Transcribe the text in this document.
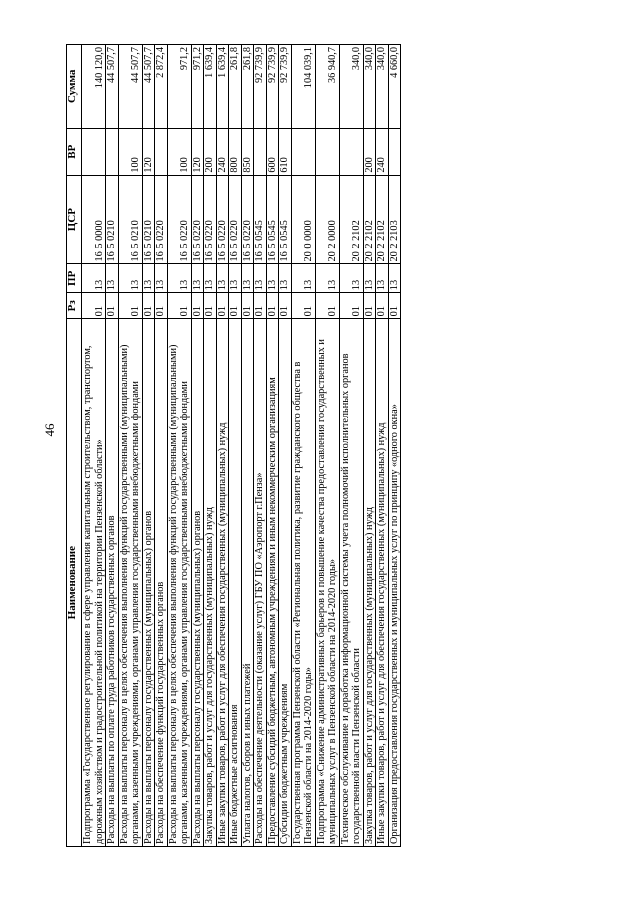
46
Наименование	Рз	ПР	ЦСР	ВР	Сумма
Подпрограмма «Государственное регулирование в сфере управления капитальным строительством, транспортом, дорожным хозяйством и градостроительной политикой на территории Пензенской области»	01	13	16 5 0000		140 120,0
Расходы на выплаты по оплате труда работников государственных органов	01	13	16 5 0210		44 507,7
Расходы на выплаты персоналу в целях обеспечения выполнения функций государственными (муниципальными) органами, казенными учреждениями, органами управления государственными внебюджетными фондами	01	13	16 5 0210	100	44 507,7
Расходы на выплаты персоналу государственных (муниципальных) органов	01	13	16 5 0210	120	44 507,7
Расходы на обеспечение функций государственных органов	01	13	16 5 0220		2 872,4
Расходы на выплаты персоналу в целях обеспечения выполнения функций государственными (муниципальными) органами, казенными учреждениями, органами управления государственными внебюджетными фондами	01	13	16 5 0220	100	971,2
Расходы на выплаты персоналу государственных (муниципальных) органов	01	13	16 5 0220	120	971,2
Закупка товаров, работ и услуг для государственных (муниципальных) нужд	01	13	16 5 0220	200	1 639,4
Иные закупки товаров, работ и услуг для обеспечения государственных (муниципальных) нужд	01	13	16 5 0220	240	1 639,4
Иные бюджетные ассигнования	01	13	16 5 0220	800	261,8
Уплата налогов, сборов и иных платежей	01	13	16 5 0220	850	261,8
Расходы на обеспечение деятельности (оказание услуг) ГБУ ПО «Аэропорт г.Пенза»	01	13	16 5 0545		92 739,9
Предоставление субсидий бюджетным, автономным учреждениям и иным некоммерческим организациям	01	13	16 5 0545	600	92 739,9
Субсидии бюджетным учреждениям	01	13	16 5 0545	610	92 739,9
Государственная программа Пензенской области «Региональная политика, развитие гражданского общества в Пензенской области на 2014-2020 годы»	01	13	20 0 0000		104 039,1
Подпрограмма «Снижение административных барьеров и повышение качества предоставления государственных и муниципальных услуг в Пензенской области на 2014-2020 годы»	01	13	20 2 0000		36 940,7
Техническое обслуживание и доработка информационной системы учета полномочий исполнительных органов государственной власти Пензенской области	01	13	20 2 2102		340,0
Закупка товаров, работ и услуг для государственных (муниципальных) нужд	01	13	20 2 2102	200	340,0
Иные закупки товаров, работ и услуг для обеспечения государственных (муниципальных) нужд	01	13	20 2 2102	240	340,0
Организация предоставления государственных и муниципальных услуг по принципу «одного окна»	01	13	20 2 2103		4 660,0
